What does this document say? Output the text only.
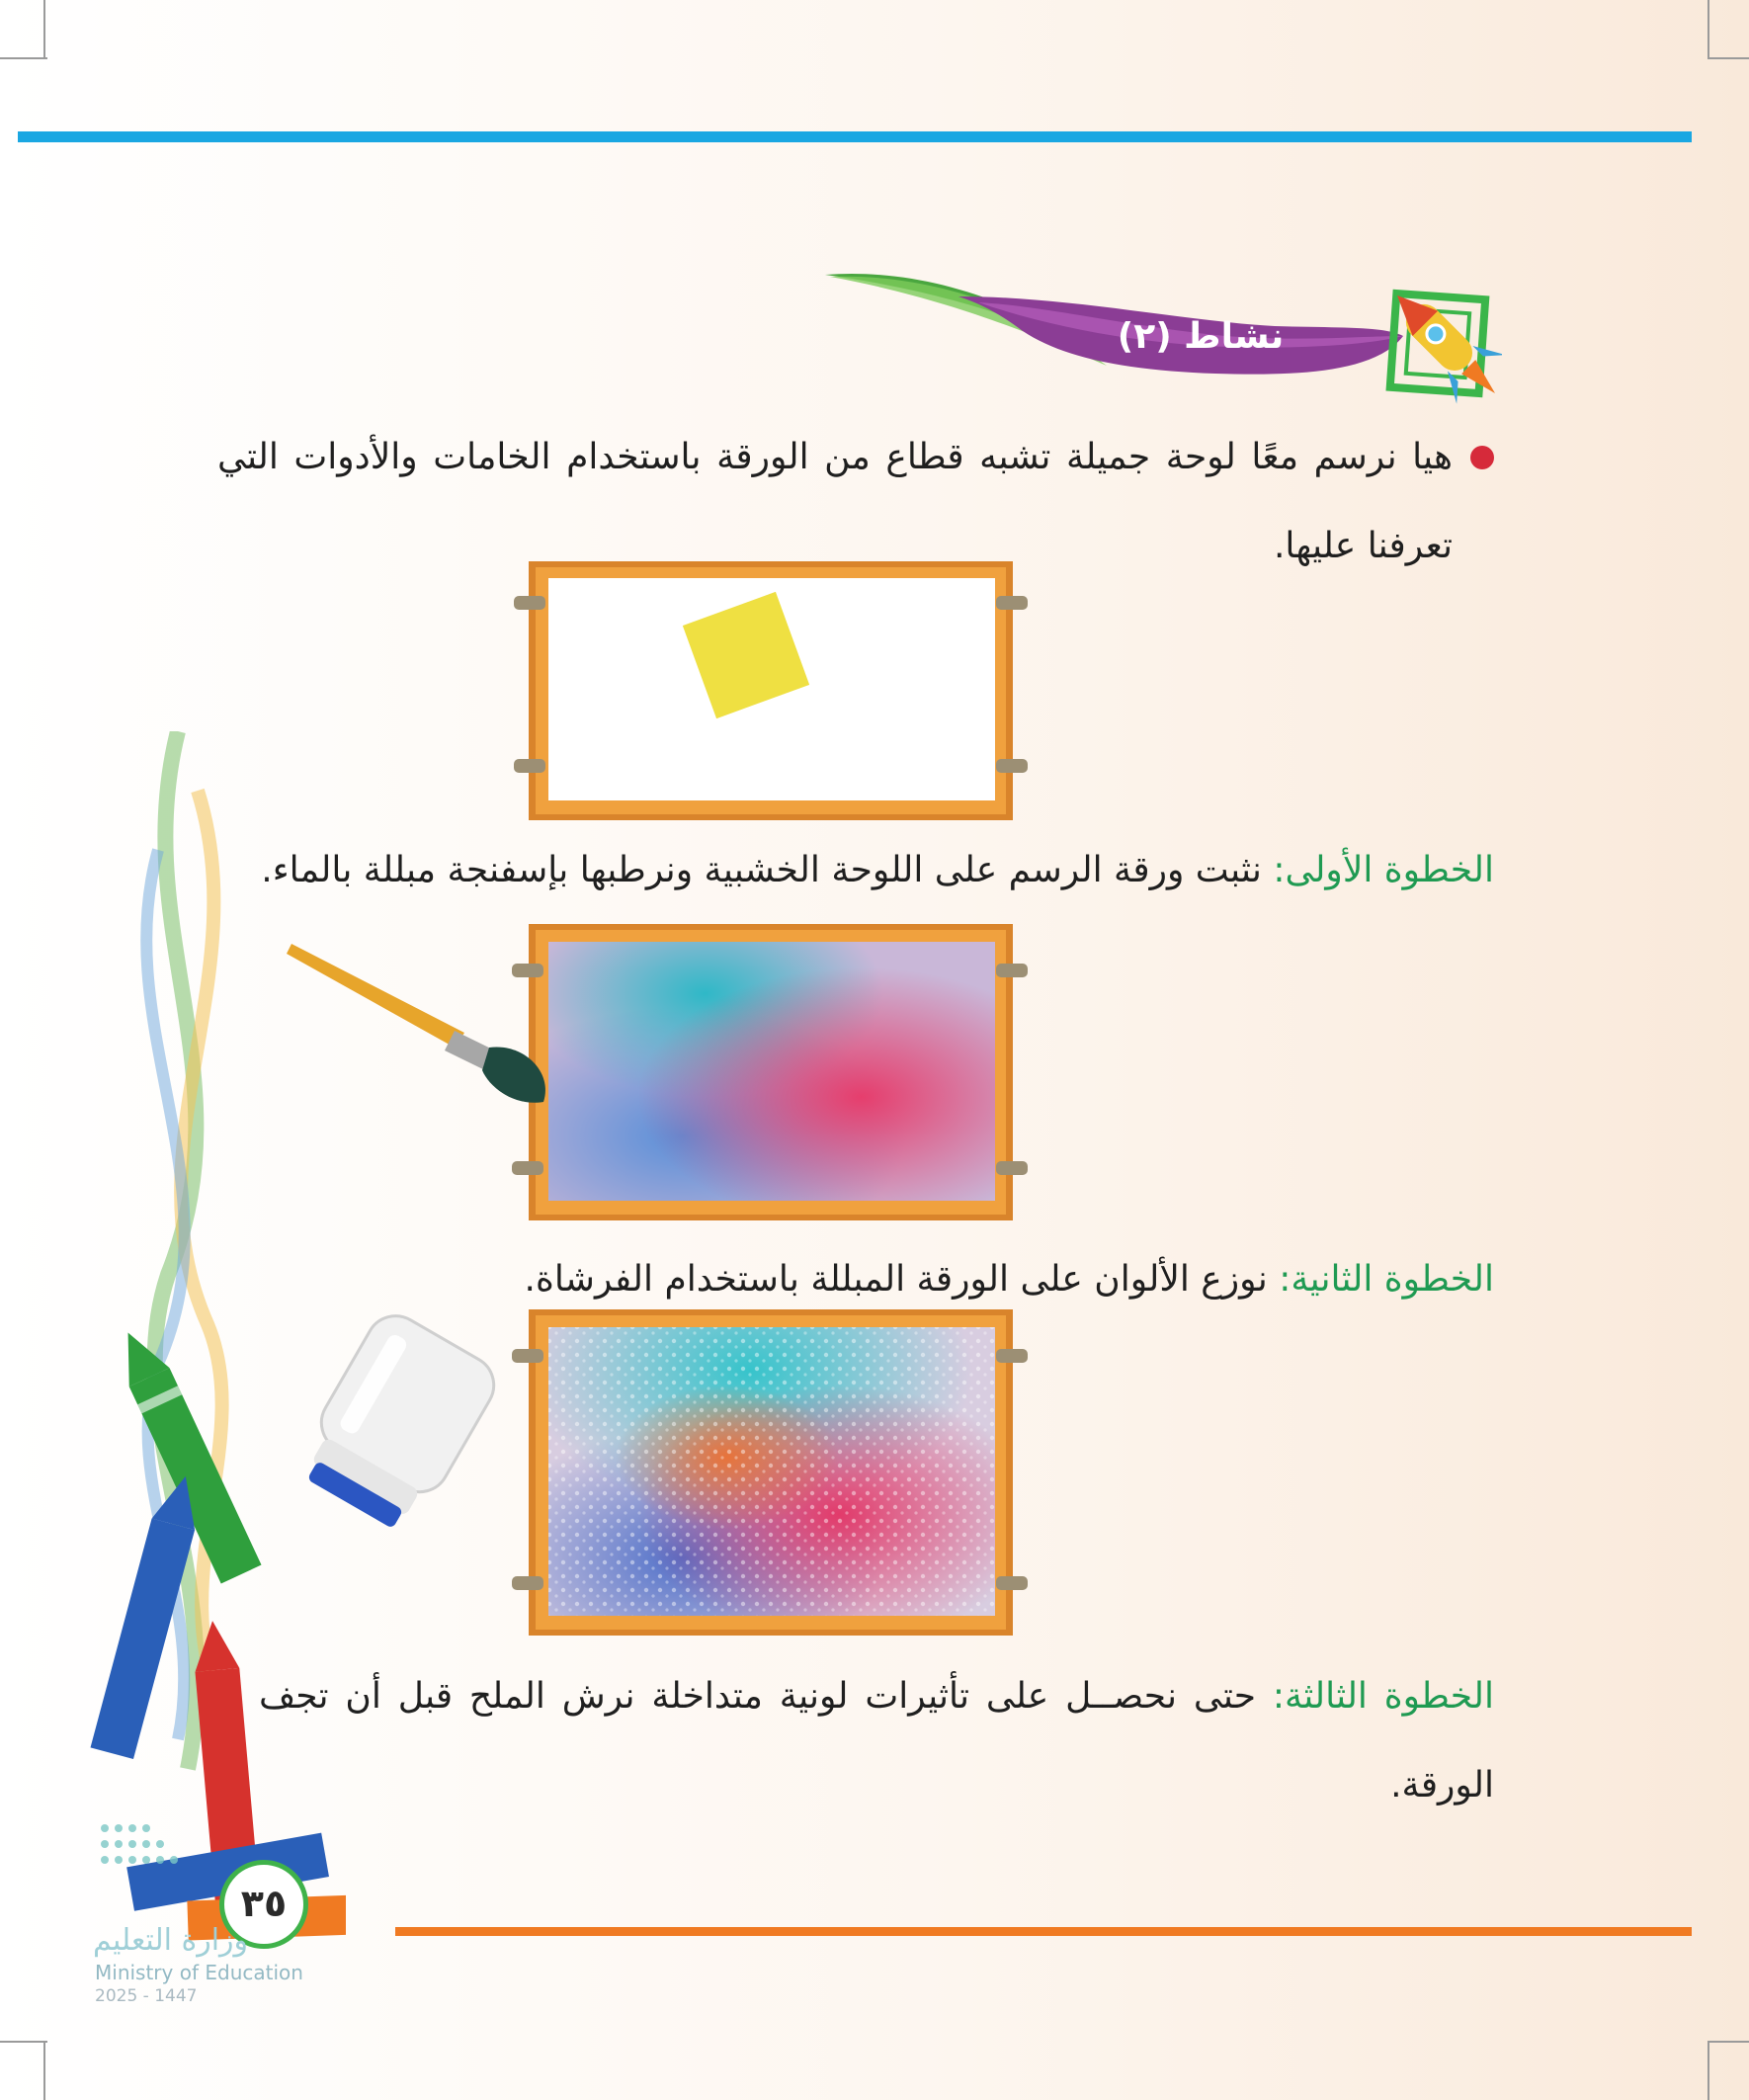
نشاط (٢)
هيا نرسم معًا لوحة جميلة تشبه قطاع من الورقة باستخدام الخامات والأدوات التي تعرفنا عليها.
الخطوة الأولى: نثبت ورقة الرسم على اللوحة الخشبية ونرطبها بإسفنجة مبللة بالماء.
الخطوة الثانية: نوزع الألوان على الورقة المبللة باستخدام الفرشاة.
الخطوة الثالثة: حتى نحصــل على تأثيرات لونية متداخلة نرش الملح قبل أن تجف الورقة.
٣٥
وزارة التعليم
Ministry of Education
2025 - 1447
